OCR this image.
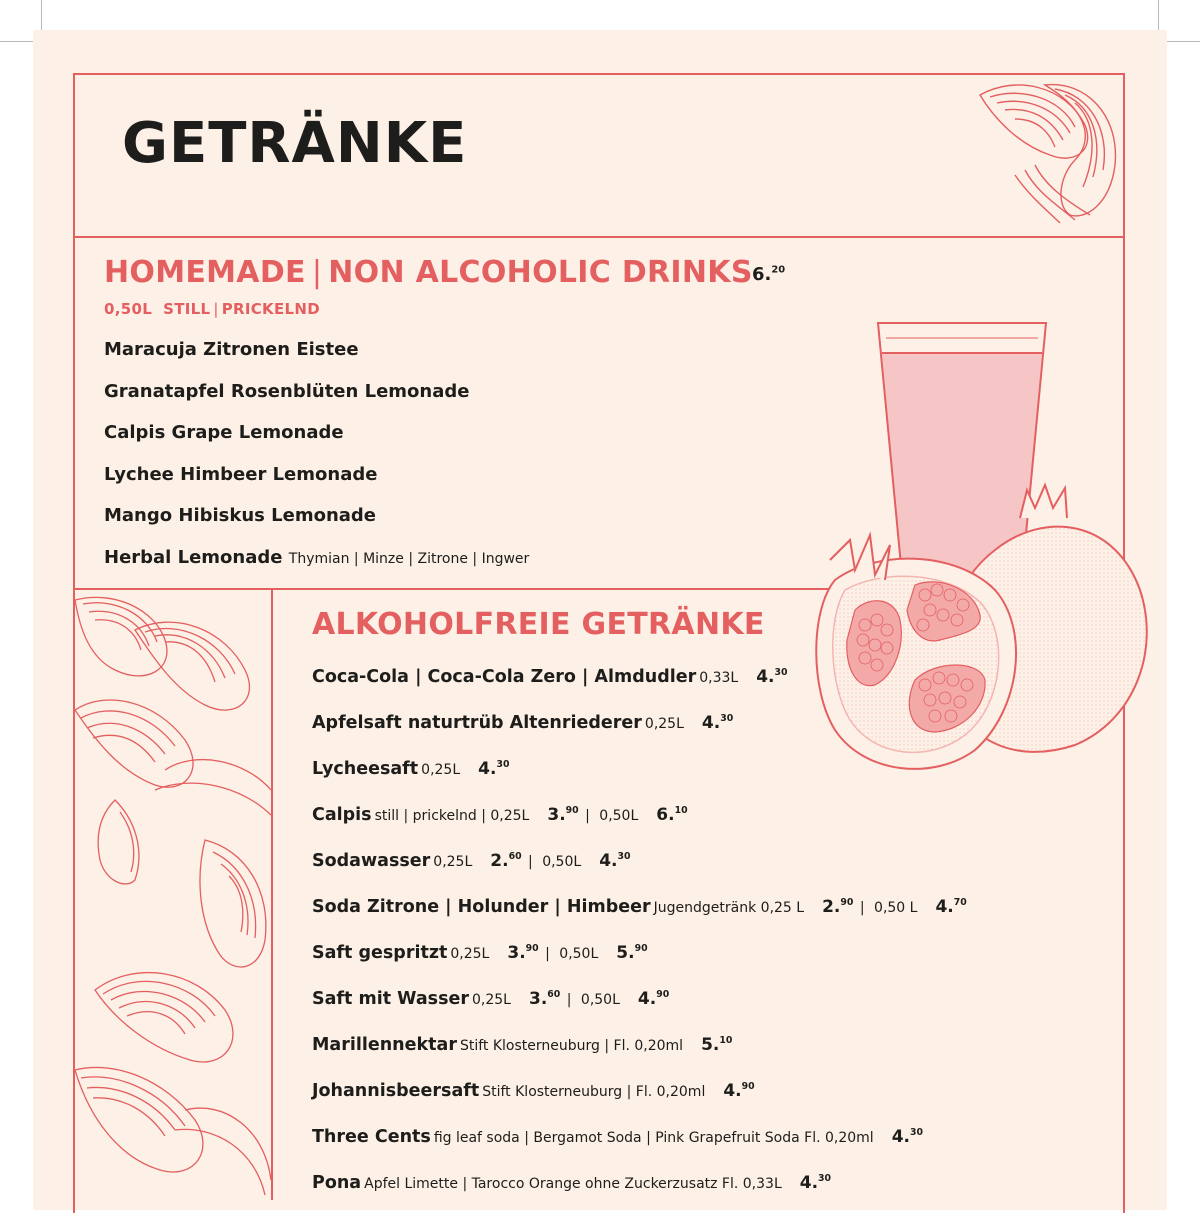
GETRÄNKE
HOMEMADE | NON ALCOHOLIC DRINKS 6.20
0,50L  STILL | PRICKELND
Maracuja Zitronen Eistee
Granatapfel Rosenblüten Lemonade
Calpis Grape Lemonade
Lychee Himbeer Lemonade
Mango Hibiskus Lemonade
Herbal Lemonade Thymian | Minze | Zitrone | Ingwer
ALKOHOLFREIE GETRÄNKE
Coca-Cola | Coca-Cola Zero | Almdudler 0,33L 4.30
Apfelsaft naturtrüb Altenriederer 0,25L 4.30
Lycheesaft 0,25L 4.30
Calpis still | prickelnd | 0,25L 3.90 | 0,50L 6.10
Sodawasser 0,25L 2.60 | 0,50L 4.30
Soda Zitrone | Holunder | Himbeer Jugendgetränk 0,25 L 2.90 | 0,50 L 4.70
Saft gespritzt 0,25L 3.90 | 0,50L 5.90
Saft mit Wasser 0,25L 3.60 | 0,50L 4.90
Marillennektar Stift Klosterneuburg | Fl. 0,20ml 5.10
Johannisbeersaft Stift Klosterneuburg | Fl. 0,20ml 4.90
Three Cents fig leaf soda | Bergamot Soda | Pink Grapefruit Soda Fl. 0,20ml 4.30
Pona Apfel Limette | Tarocco Orange ohne Zuckerzusatz Fl. 0,33L 4.30
